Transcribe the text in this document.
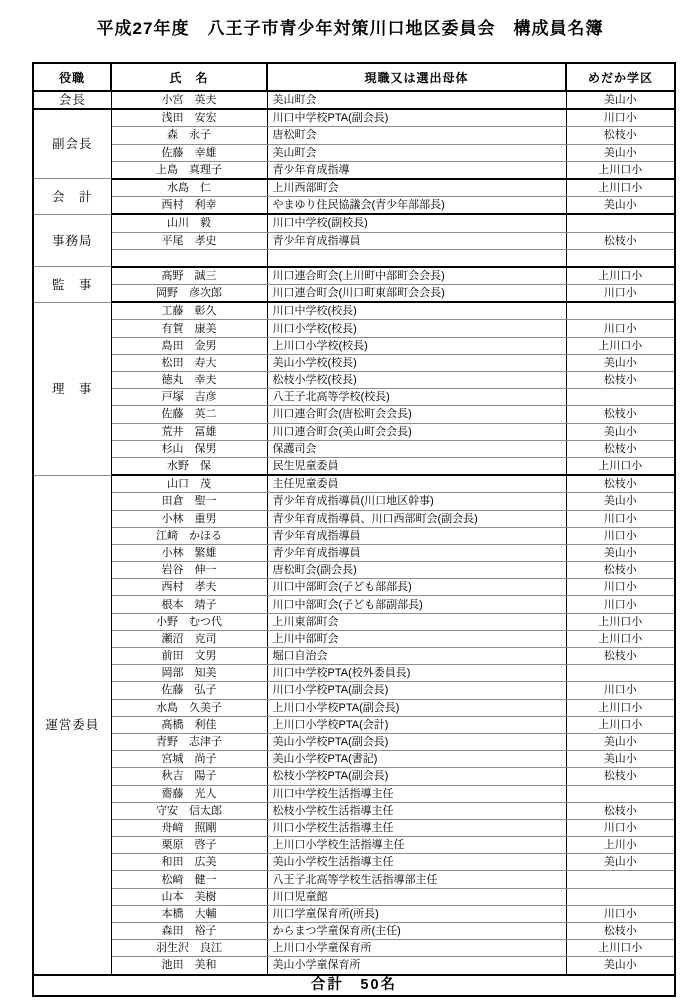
平成27年度　八王子市青少年対策川口地区委員会　構成員名簿
役職	氏　名	現職又は選出母体	めだか学区
会長	小宮　英夫	美山町会	美山小
副会長	浅田　安宏	川口中学校PTA(副会長)	川口小
	森　永子	唐松町会	松枝小
	佐藤　幸雄	美山町会	美山小
	上島　真理子	青少年育成指導	上川口小
会　計	水島　仁	上川西部町会	上川口小
	西村　利幸	やまゆり住民協議会(青少年部部長)	美山小
事務局	山川　毅	川口中学校(副校長)	
	平尾　孝史	青少年育成指導員	松枝小

監　事	髙野　誠三	川口連合町会(上川町中部町会会長)	上川口小
	岡野　彦次郎	川口連合町会(川口町東部町会会長)	川口小
理　事	工藤　彰久	川口中学校(校長)	
	有賀　康美	川口小学校(校長)	川口小
	島田　金男	上川口小学校(校長)	上川口小
	松田　寿大	美山小学校(校長)	美山小
	徳丸　幸夫	松枝小学校(校長)	松枝小
	戸塚　吉彦	八王子北高等学校(校長)	
	佐藤　英二	川口連合町会(唐松町会会長)	松枝小
	荒井　冨雄	川口連合町会(美山町会会長)	美山小
	杉山　保男	保護司会	松枝小
	水野　保	民生児童委員	上川口小
運営委員	山口　茂	主任児童委員	松枝小
	田倉　聖一	青少年育成指導員(川口地区幹事)	美山小
	小林　重男	青少年育成指導員、川口西部町会(副会長)	川口小
	江﨑　かほる	青少年育成指導員	川口小
	小林　繁雄	青少年育成指導員	美山小
	岩谷　伸一	唐松町会(副会長)	松枝小
	西村　孝夫	川口中部町会(子ども部部長)	川口小
	根本　靖子	川口中部町会(子ども部副部長)	川口小
	小野　むつ代	上川東部町会	上川口小
	瀬沼　克司	上川中部町会	上川口小
	前田　文男	堀口自治会	松枝小
	岡部　知美	川口中学校PTA(校外委員長)	
	佐藤　弘子	川口小学校PTA(副会長)	川口小
	水島　久美子	上川口小学校PTA(副会長)	上川口小
	髙橋　利佳	上川口小学校PTA(会計)	上川口小
	青野　志津子	美山小学校PTA(副会長)	美山小
	宮城　尚子	美山小学校PTA(書記)	美山小
	秋吉　陽子	松枝小学校PTA(副会長)	松枝小
	齋藤　光人	川口中学校生活指導主任	
	守安　信太郎	松枝小学校生活指導主任	松枝小
	舟﨑　照剛	川口小学校生活指導主任	川口小
	栗原　啓子	上川口小学校生活指導主任	上川小
	和田　広美	美山小学校生活指導主任	美山小
	松﨑　健一	八王子北高等学校生活指導部主任	
	山本　美樹	川口児童館	
	本橋　大輔	川口学童保育所(所長)	川口小
	森田　裕子	からまつ学童保育所(主任)	松枝小
	羽生沢　良江	上川口小学童保育所	上川口小
	池田　美和	美山小学童保育所	美山小
合計　50名			
